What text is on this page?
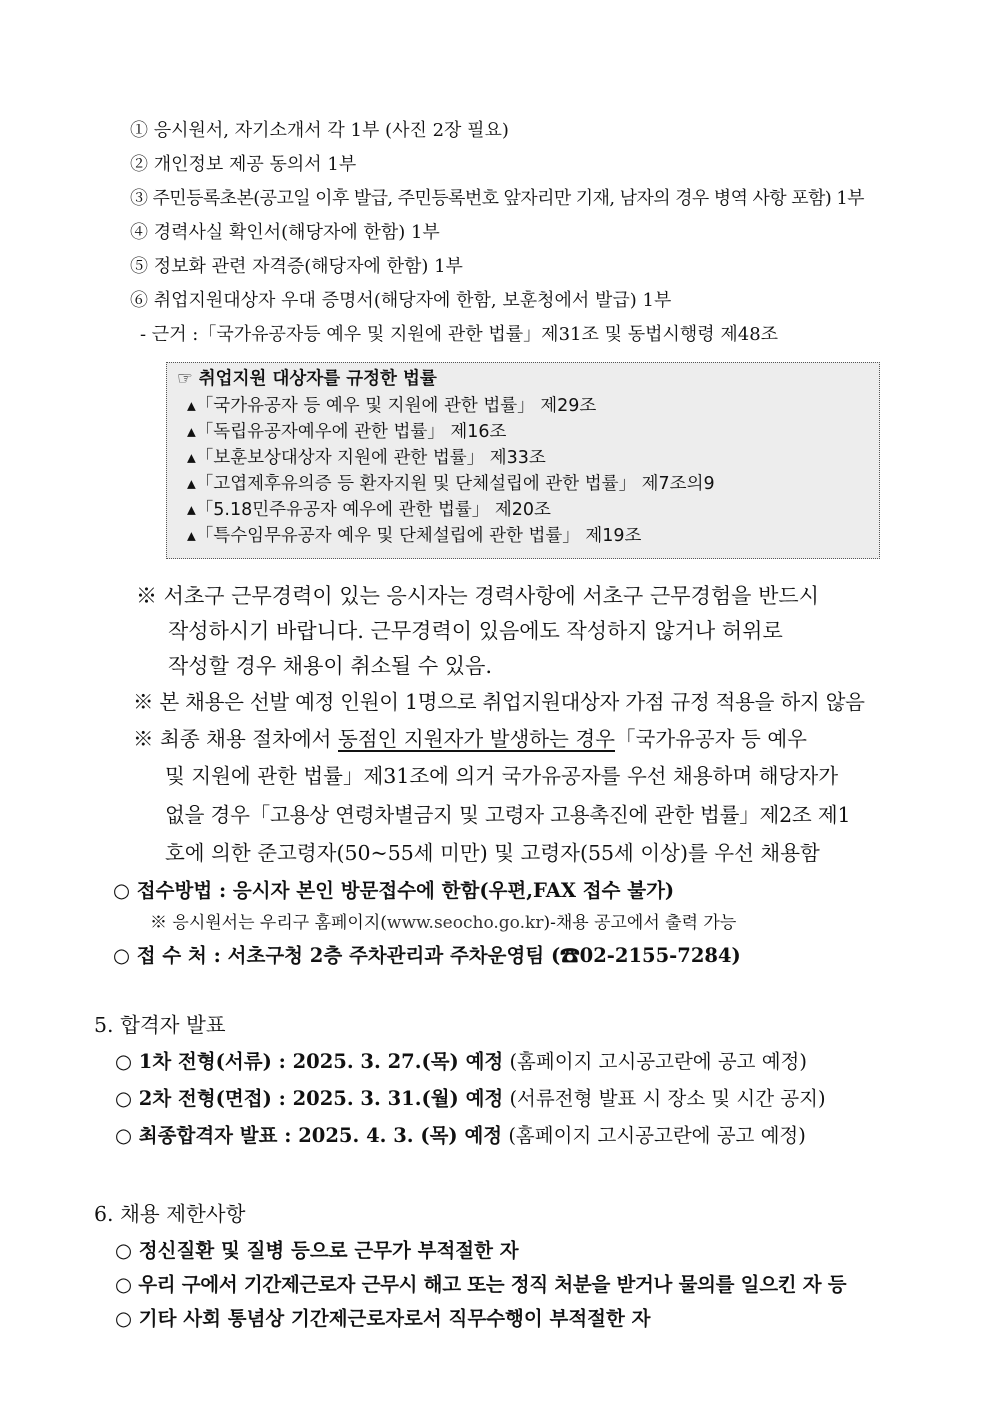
① 응시원서, 자기소개서 각 1부 (사진 2장 필요)
② 개인정보 제공 동의서 1부
③ 주민등록초본(공고일 이후 발급, 주민등록번호 앞자리만 기재, 남자의 경우 병역 사항 포함) 1부
④ 경력사실 확인서(해당자에 한함) 1부
⑤ 정보화 관련 자격증(해당자에 한함) 1부
⑥ 취업지원대상자 우대 증명서(해당자에 한함, 보훈청에서 발급) 1부
- 근거 :「국가유공자등 예우 및 지원에 관한 법률」제31조 및 동법시행령 제48조
☞ 취업지원 대상자를 규정한 법률
▴「국가유공자 등 예우 및 지원에 관한 법률」 제29조
▴「독립유공자예우에 관한 법률」 제16조
▴「보훈보상대상자 지원에 관한 법률」 제33조
▴「고엽제후유의증 등 환자지원 및 단체설립에 관한 법률」 제7조의9
▴「5.18민주유공자 예우에 관한 법률」 제20조
▴「특수임무유공자 예우 및 단체설립에 관한 법률」 제19조
※ 서초구 근무경력이 있는 응시자는 경력사항에 서초구 근무경험을 반드시
작성하시기 바랍니다. 근무경력이 있음에도 작성하지 않거나 허위로
작성할 경우 채용이 취소될 수 있음.
※ 본 채용은 선발 예정 인원이 1명으로 취업지원대상자 가점 규정 적용을 하지 않음
※ 최종 채용 절차에서 동점인 지원자가 발생하는 경우「국가유공자 등 예우
및 지원에 관한 법률」제31조에 의거 국가유공자를 우선 채용하며 해당자가
없을 경우「고용상 연령차별금지 및 고령자 고용촉진에 관한 법률」제2조 제1
호에 의한 준고령자(50~55세 미만) 및 고령자(55세 이상)를 우선 채용함
○ 접수방법 : 응시자 본인 방문접수에 한함(우편,FAX 접수 불가)
※ 응시원서는 우리구 홈페이지(www.seocho.go.kr)-채용 공고에서 출력 가능
○ 접 수 처 : 서초구청 2층 주차관리과 주차운영팀 (☎02-2155-7284)
5. 합격자 발표
○ 1차 전형(서류) : 2025. 3. 27.(목) 예정 (홈페이지 고시공고란에 공고 예정)
○ 2차 전형(면접) : 2025. 3. 31.(월) 예정 (서류전형 발표 시 장소 및 시간 공지)
○ 최종합격자 발표 : 2025. 4. 3. (목) 예정 (홈페이지 고시공고란에 공고 예정)
6. 채용 제한사항
○ 정신질환 및 질병 등으로 근무가 부적절한 자
○ 우리 구에서 기간제근로자 근무시 해고 또는 정직 처분을 받거나 물의를 일으킨 자 등
○ 기타 사회 통념상 기간제근로자로서 직무수행이 부적절한 자
